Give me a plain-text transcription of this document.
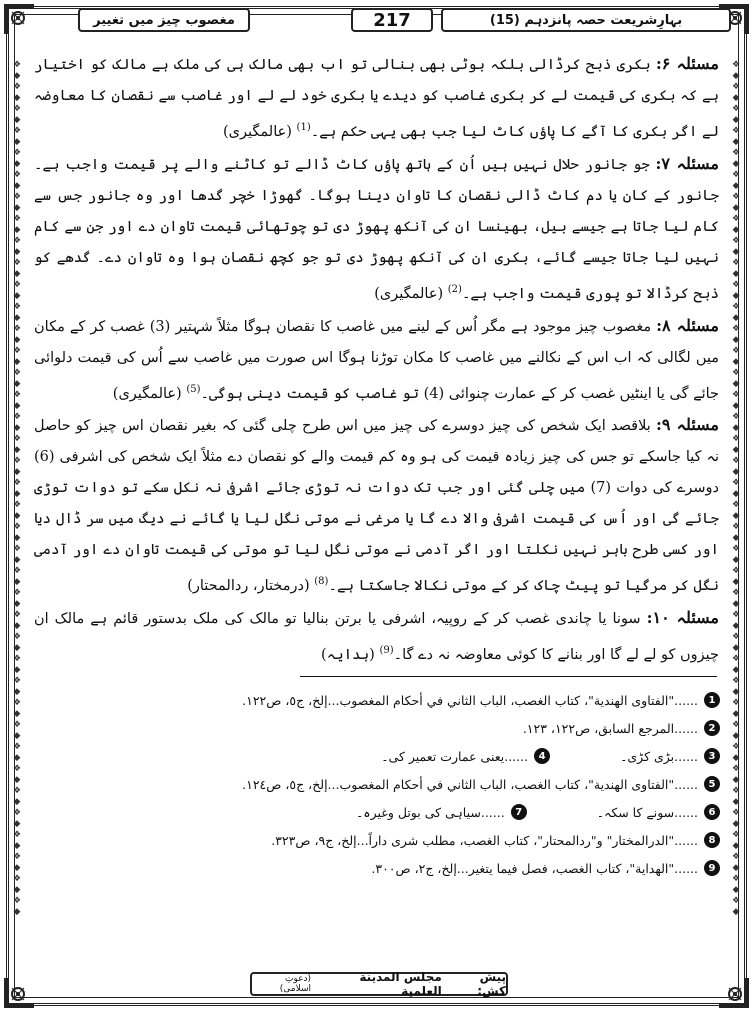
❖
◆
❖
◆
❖
◆
❖
◆
❖
◆
❖
◆
❖
◆
❖
◆
❖
◆
❖
◆
❖
◆
❖
◆
❖
◆
❖
◆
❖
◆
❖
◆
❖
◆
❖
◆
❖
◆
❖
◆
❖
◆
❖
◆
❖
◆
❖
◆
❖
◆
❖
◆
❖
◆
❖
◆
❖
◆
❖
◆
❖
◆
❖
◆
❖
◆
❖
◆
❖
◆
❖
◆
❖
◆
❖
◆
❖
◆
❖
◆
❖
◆
❖
◆
❖
◆
❖
◆
❖
◆
❖
◆
❖
◆
❖
◆
❖
◆
❖
◆
❖
◆
❖
◆
❖
◆
❖
◆
❖
◆
❖
◆
❖
◆
❖
◆
❖
◆
❖
◆
❖
◆
❖
◆
❖
◆
❖
◆
❖
◆
❖
◆
❖
◆
❖
◆
❖
◆
❖
◆
❖
◆
❖
◆
❖
◆
❖
◆
❖
◆
❖
◆
❖
◆
❖
◆
بہارِشریعت حصہ پانزدہم (15)
217
مغصوب چیز میں تغییر

مسئلہ ۶: بکری ذبح کرڈالی بلکہ بوٹی بھی بنالی تو اب بھی مالک ہی کی ملک ہے مالک کو اختیار ہے کہ بکری کی قیمت لے کر بکری غاصب کو دیدے یا بکری خود لے لے اور غاصب سے نقصان کا معاوضہ لے اگر بکری کا آگے کا پاؤں کاٹ لیا جب بھی یہی حکم ہے۔$^{(1)}$ (عالمگیری)

مسئلہ ۷: جو جانور حلال نہیں ہیں اُن کے ہاتھ پاؤں کاٹ ڈالے تو کاٹنے والے پر قیمت واجب ہے۔ جانور کے کان یا دم کاٹ ڈالی نقصان کا تاوان دینا ہوگا۔ گھوڑا خچر گدھا اور وہ جانور جس سے کام لیا جاتا ہے جیسے بیل، بھینسا ان کی آنکھ پھوڑ دی تو چوتھائی قیمت تاوان دے اور جن سے کام نہیں لیا جاتا جیسے گائے، بکری ان کی آنکھ پھوڑ دی تو جو کچھ نقصان ہوا وہ تاوان دے۔ گدھے کو ذبح کرڈالا تو پوری قیمت واجب ہے۔$^{(2)}$ (عالمگیری)

مسئلہ ۸: مغصوب چیز موجود ہے مگر اُس کے لینے میں غاصب کا نقصان ہوگا مثلاً شہتیر (3) غصب کر کے مکان میں لگالی کہ اب اس کے نکالنے میں غاصب کا مکان توڑنا ہوگا اس صورت میں غاصب سے اُس کی قیمت دلوائی جائے گی یا اینٹیں غصب کر کے عمارت چنوائی (4) تو غاصب کو قیمت دینی ہوگی۔$^{(5)}$ (عالمگیری)

مسئلہ ۹: بلاقصد ایک شخص کی چیز دوسرے کی چیز میں اس طرح چلی گئی کہ بغیر نقصان اس چیز کو حاصل نہ کیا جاسکے تو جس کی چیز زیادہ قیمت کی ہو وہ کم قیمت والے کو نقصان دے مثلاً ایک شخص کی اشرفی (6) دوسرے کی دوات (7) میں چلی گئی اور جب تک دوات نہ توڑی جائے اشرفی نہ نکل سکے تو دوات توڑی جائے گی اور اُس کی قیمت اشرفی والا دے گا یا مرغی نے موتی نگل لیا یا گائے نے دیگ میں سر ڈال دیا اور کسی طرح باہر نہیں نکلتا اور اگر آدمی نے موتی نگل لیا تو موتی کی قیمت تاوان دے اور آدمی نگل کر مرگیا تو پیٹ چاک کر کے موتی نکالا جاسکتا ہے۔$^{(8)}$ (درمختار، ردالمحتار)

مسئلہ ۱۰: سونا یا چاندی غصب کر کے روپیہ، اشرفی یا برتن بنالیا تو مالک کی ملک بدستور قائم ہے مالک ان چیزوں کو لے لے گا اور بنانے کا کوئی معاوضہ نہ دے گا۔$^{(9)}$ (ہدایہ)

1
......"الفتاوى الهندية"، كتاب الغصب، الباب الثاني في أحكام المغصوب...إلخ، ج٥، ص١٢٢.
2
......المرجع السابق، ص١٢٢، ١٢٣.
3
......بڑی کڑی۔
4
......یعنی عمارت تعمیر کی۔
5
......"الفتاوى الهندية"، كتاب الغصب، الباب الثاني في أحكام المغصوب...إلخ، ج٥، ص١٢٤.
6
......سونے کا سکہ۔
7
......سیاہی کی بوتل وغیرہ۔
8
......"الدرالمختار" و"ردالمحتار"، كتاب الغصب، مطلب شرى داراً...إلخ، ج٩، ص٣٢٣.
9
......"الهداية"، كتاب الغصب، فصل فيما يتغير...إلخ، ج٢، ص٣٠٠.
پیش کش:
مجلس المدينة العلمية
(دعوتِ اسلامی)
